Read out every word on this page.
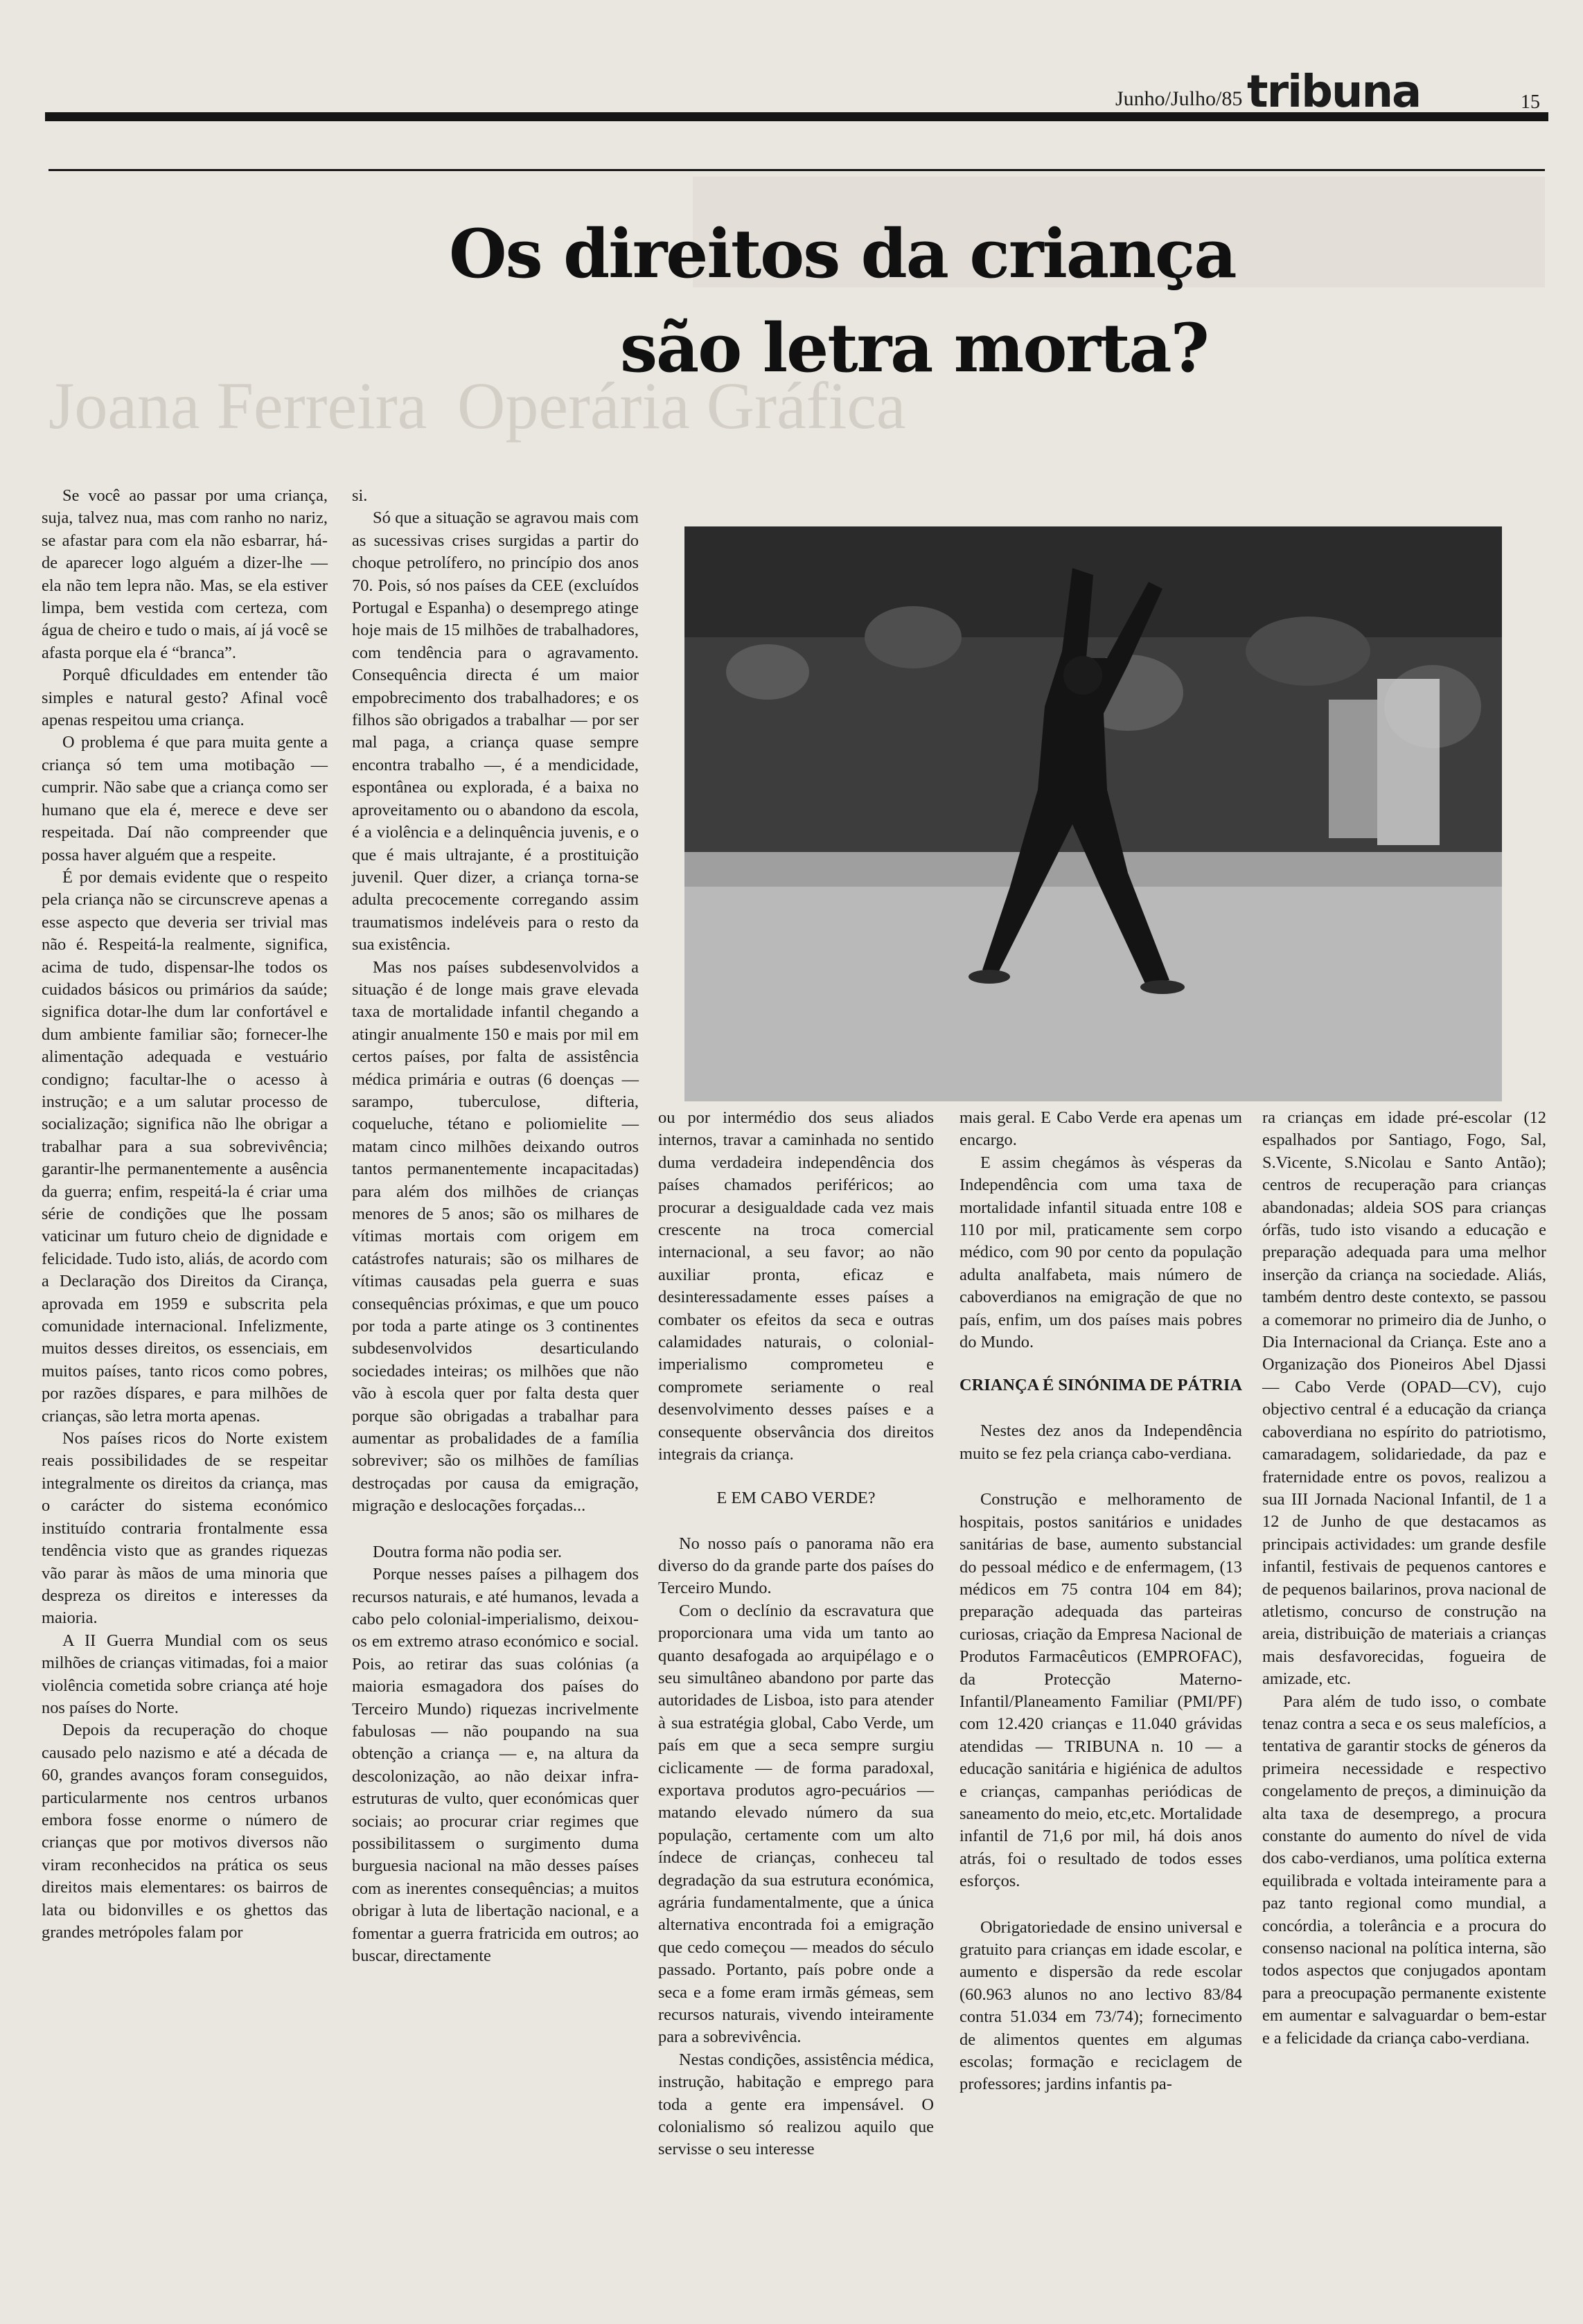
Junho/Julho/85 tribuna	15
Joana Ferreira Operária Gráfica
Os direitos da criança
são letra morta?

Se você ao passar por uma criança, suja, talvez nua, mas com ranho no nariz, se afastar para com ela não esbarrar, há-de aparecer logo alguém a dizer-lhe — ela não tem lepra não. Mas, se ela estiver limpa, bem vestida com certeza, com água de cheiro e tudo o mais, aí já você se afasta porque ela é “branca”.

Porquê dficuldades em entender tão simples e natural gesto? Afinal você apenas respeitou uma criança.

O problema é que para muita gente a criança só tem uma motibação — cumprir. Não sabe que a criança como ser humano que ela é, merece e deve ser respeitada. Daí não compreender que possa haver alguém que a respeite.

É por demais evidente que o respeito pela criança não se circunscreve apenas a esse aspecto que deveria ser trivial mas não é. Respeitá-la realmente, significa, acima de tudo, dispensar-lhe todos os cuidados básicos ou primários da saúde; significa dotar-lhe dum lar confortável e dum ambiente familiar são; fornecer-lhe alimentação adequada e vestuário condigno; facultar-lhe o acesso à instrução; e a um salutar processo de socialização; significa não lhe obrigar a trabalhar para a sua sobrevivência; garantir-lhe permanentemente a ausência da guerra; enfim, respeitá-la é criar uma série de condições que lhe possam vaticinar um futuro cheio de dignidade e felicidade. Tudo isto, aliás, de acordo com a Declaração dos Direitos da Cirança, aprovada em 1959 e subscrita pela comunidade internacional. Infelizmente, muitos desses direitos, os essenciais, em muitos países, tanto ricos como pobres, por razões díspares, e para milhões de crianças, são letra morta apenas.

Nos países ricos do Norte existem reais possibilidades de se respeitar integralmente os direitos da criança, mas o carácter do sistema económico instituído contraria frontalmente essa tendência visto que as grandes riquezas vão parar às mãos de uma minoria que despreza os direitos e interesses da maioria.

A II Guerra Mundial com os seus milhões de crianças vitimadas, foi a maior violência cometida sobre criança até hoje nos países do Norte.

Depois da recuperação do choque causado pelo nazismo e até a década de 60, grandes avanços foram conseguidos, particularmente nos centros urbanos embora fosse enorme o número de crianças que por motivos diversos não viram reconhecidos na prática os seus direitos mais elementares: os bairros de lata ou bidonvilles e os ghettos das grandes metrópoles falam por

si.

Só que a situação se agravou mais com as sucessivas crises surgidas a partir do choque petrolífero, no princípio dos anos 70. Pois, só nos países da CEE (excluídos Portugal e Espanha) o desemprego atinge hoje mais de 15 milhões de trabalhadores, com tendência para o agravamento. Consequência directa é um maior empobrecimento dos trabalhadores; e os filhos são obrigados a trabalhar — por ser mal paga, a criança quase sempre encontra trabalho —, é a mendicidade, espontânea ou explorada, é a baixa no aproveitamento ou o abandono da escola, é a violência e a delinquência juvenis, e o que é mais ultrajante, é a prostituição juvenil. Quer dizer, a criança torna-se adulta precocemente corregando assim traumatismos indeléveis para o resto da sua existência.

Mas nos países subdesenvolvidos a situação é de longe mais grave elevada taxa de mortalidade infantil chegando a atingir anualmente 150 e mais por mil em certos países, por falta de assistência médica primária e outras (6 doenças — sarampo, tuberculose, difteria, coqueluche, tétano e poliomielite — matam cinco milhões deixando outros tantos permanentemente incapacitadas) para além dos milhões de crianças menores de 5 anos; são os milhares de vítimas mortais com origem em catástrofes naturais; são os milhares de vítimas causadas pela guerra e suas consequências próximas, e que um pouco por toda a parte atinge os 3 continentes subdesenvolvidos desarticulando sociedades inteiras; os milhões que não vão à escola quer por falta desta quer porque são obrigadas a trabalhar para aumentar as probalidades de a família sobreviver; são os milhões de famílias destroçadas por causa da emigração, migração e deslocações forçadas...

Doutra forma não podia ser.

Porque nesses países a pilhagem dos recursos naturais, e até humanos, levada a cabo pelo colonial-imperialismo, deixou-os em extremo atraso económico e social. Pois, ao retirar das suas colónias (a maioria esmagadora dos países do Terceiro Mundo) riquezas incrivelmente fabulosas — não poupando na sua obtenção a criança — e, na altura da descolonização, ao não deixar infra-estruturas de vulto, quer económicas quer sociais; ao procurar criar regimes que possibilitassem o surgimento duma burguesia nacional na mão desses países com as inerentes consequências; a muitos obrigar à luta de libertação nacional, e a fomentar a guerra fratricida em outros; ao buscar, directamente

ou por intermédio dos seus aliados internos, travar a caminhada no sentido duma verdadeira independência dos países chamados periféricos; ao procurar a desigualdade cada vez mais crescente na troca comercial internacional, a seu favor; ao não auxiliar pronta, eficaz e desinteressadamente esses países a combater os efeitos da seca e outras calamidades naturais, o colonial-imperialismo comprometeu e compromete seriamente o real desenvolvimento desses países e a consequente observância dos direitos integrais da criança.

E EM CABO VERDE?

No nosso país o panorama não era diverso do da grande parte dos países do Terceiro Mundo.

Com o declínio da escravatura que proporcionara uma vida um tanto ao quanto desafogada ao arquipélago e o seu simultâneo abandono por parte das autoridades de Lisboa, isto para atender à sua estratégia global, Cabo Verde, um país em que a seca sempre surgiu ciclicamente — de forma paradoxal, exportava produtos agro-pecuários — matando elevado número da sua população, certamente com um alto índece de crianças, conheceu tal degradação da sua estrutura económica, agrária fundamentalmente, que a única alternativa encontrada foi a emigração que cedo começou — meados do século passado. Portanto, país pobre onde a seca e a fome eram irmãs gémeas, sem recursos naturais, vivendo inteiramente para a sobrevivência.

Nestas condições, assistência médica, instrução, habitação e emprego para toda a gente era impensável. O colonialismo só realizou aquilo que servisse o seu interesse

mais geral. E Cabo Verde era apenas um encargo.

E assim chegámos às vésperas da Independência com uma taxa de mortalidade infantil situada entre 108 e 110 por mil, praticamente sem corpo médico, com 90 por cento da população adulta analfabeta, mais número de caboverdianos na emigração de que no país, enfim, um dos países mais pobres do Mundo.

CRIANÇA É SINÓNIMA DE PÁTRIA

Nestes dez anos da Independência muito se fez pela criança cabo-verdiana.

Construção e melhoramento de hospitais, postos sanitários e unidades sanitárias de base, aumento substancial do pessoal médico e de enfermagem, (13 médicos em 75 contra 104 em 84); preparação adequada das parteiras curiosas, criação da Empresa Nacional de Produtos Farmacêuticos (EMPROFAC), da Protecção Materno-Infantil/Planeamento Familiar (PMI/PF) com 12.420 crianças e 11.040 grávidas atendidas — TRIBUNA n. 10 — a educação sanitária e higiénica de adultos e crianças, campanhas periódicas de saneamento do meio, etc,etc. Mortalidade infantil de 71,6 por mil, há dois anos atrás, foi o resultado de todos esses esforços.

Obrigatoriedade de ensino universal e gratuito para crianças em idade escolar, e aumento e dispersão da rede escolar (60.963 alunos no ano lectivo 83/84 contra 51.034 em 73/74); fornecimento de alimentos quentes em algumas escolas; formação e reciclagem de professores; jardins infantis pa-

ra crianças em idade pré-escolar (12 espalhados por Santiago, Fogo, Sal, S.Vicente, S.Nicolau e Santo Antão); centros de recuperação para crianças abandonadas; aldeia SOS para crianças órfãs, tudo isto visando a educação e preparação adequada para uma melhor inserção da criança na sociedade. Aliás, também dentro deste contexto, se passou a comemorar no primeiro dia de Junho, o Dia Internacional da Criança. Este ano a Organização dos Pioneiros Abel Djassi — Cabo Verde (OPAD—CV), cujo objectivo central é a educação da criança caboverdiana no espírito do patriotismo, camaradagem, solidariedade, da paz e fraternidade entre os povos, realizou a sua III Jornada Nacional Infantil, de 1 a 12 de Junho de que destacamos as principais actividades: um grande desfile infantil, festivais de pequenos cantores e de pequenos bailarinos, prova nacional de atletismo, concurso de construção na areia, distribuição de materiais a crianças mais desfavorecidas, fogueira de amizade, etc.

Para além de tudo isso, o combate tenaz contra a seca e os seus malefícios, a tentativa de garantir stocks de géneros da primeira necessidade e respectivo congelamento de preços, a diminuição da alta taxa de desemprego, a procura constante do aumento do nível de vida dos cabo-verdianos, uma política externa equilibrada e voltada inteiramente para a paz tanto regional como mundial, a concórdia, a tolerância e a procura do consenso nacional na política interna, são todos aspectos que conjugados apontam para a preocupação permanente existente em aumentar e salvaguardar o bem-estar e a felicidade da criança cabo-verdiana.
